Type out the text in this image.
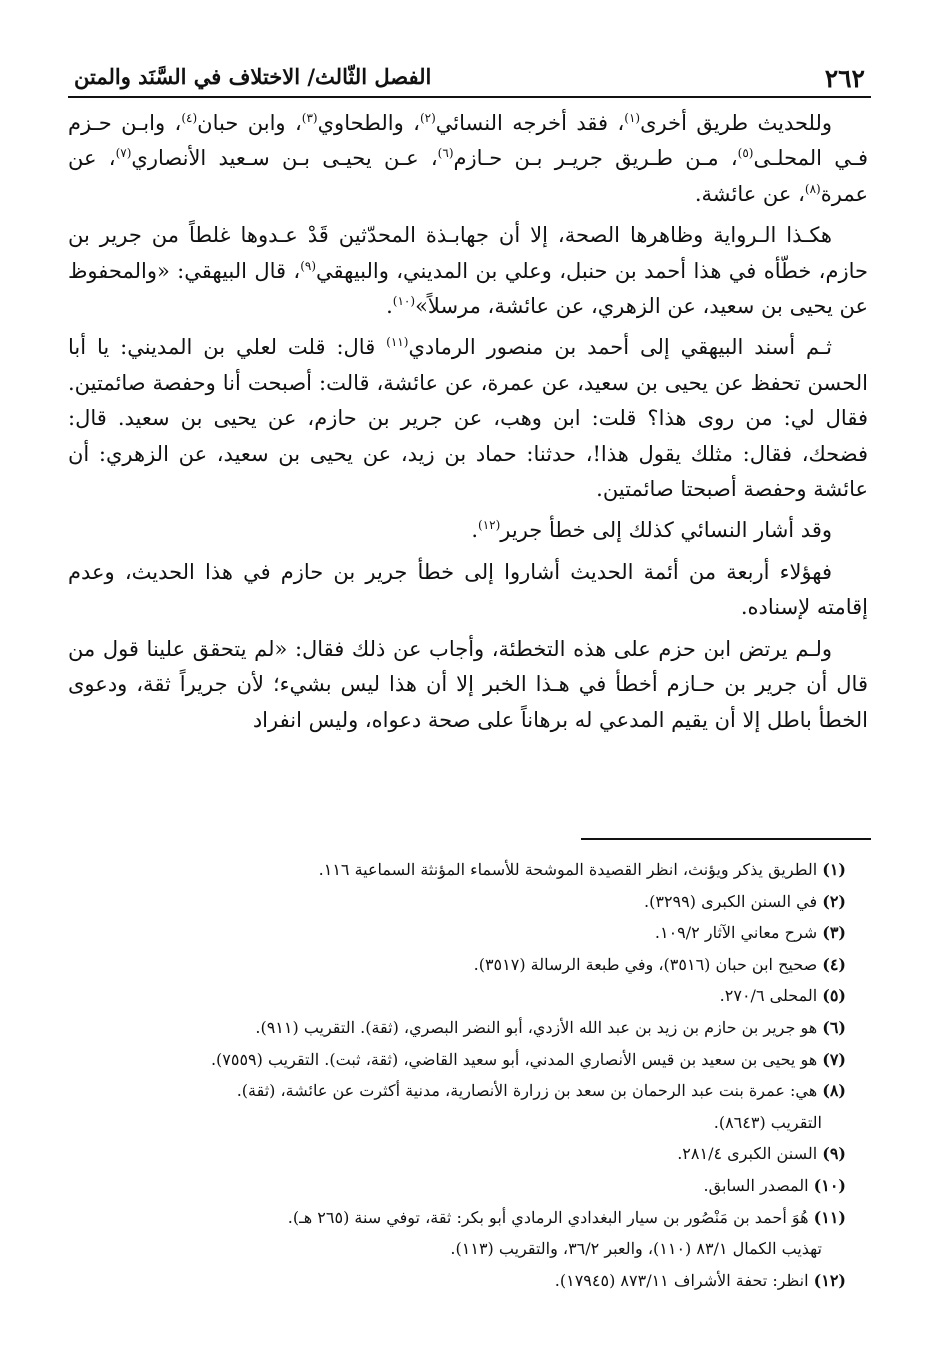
٢٦٢
الفصل الثّالث/ الاختلاف في السَّنَد والمتن

وللحديث طريق أخرى$^{(١)}$، فقد أخرجه النسائي$^{(٢)}$، والطحاوي$^{(٣)}$، وابن حبان$^{(٤)}$، وابـن حـزم فـي المحلـى$^{(٥)}$، مـن طـريق جريـر بـن حـازم$^{(٦)}$، عـن يحيـى بـن سـعيد الأنصاري$^{(٧)}$، عن عمرة$^{(٨)}$، عن عائشة.

هكـذا الـرواية وظاهرها الصحة، إلا أن جهابـذة المحدّثين قَدْ عـدوها غلطاً من جرير بن حازم، خطّأه في هذا أحمد بن حنبل، وعلي بن المديني، والبيهقي$^{(٩)}$، قال البيهقي: «والمحفوظ عن يحيى بن سعيد، عن الزهري، عن عائشة، مرسلاً»$^{(١٠)}$.

ثـم أسند البيهقي إلى أحمد بن منصور الرمادي$^{(١١)}$ قال: قلت لعلي بن المديني: يا أبا الحسن تحفظ عن يحيى بن سعيد، عن عمرة، عن عائشة، قالت: أصبحت أنا وحفصة صائمتين. فقال لي: من روى هذا؟ قلت: ابن وهب، عن جرير بن حازم، عن يحيى بن سعيد. قال: فضحك، فقال: مثلك يقول هذا!، حدثنا: حماد بن زيد، عن يحيى بن سعيد، عن الزهري: أن عائشة وحفصة أصبحتا صائمتين.

وقد أشار النسائي كذلك إلى خطأ جرير$^{(١٢)}$.

فهؤلاء أربعة من أئمة الحديث أشاروا إلى خطأ جرير بن حازم في هذا الحديث، وعدم إقامته لإسناده.

ولـم يرتض ابن حزم على هذه التخطئة، وأجاب عن ذلك فقال: «لم يتحقق علينا قول من قال أن جرير بن حـازم أخطأ في هـذا الخبر إلا أن هذا ليس بشيء؛ لأن جريراً ثقة، ودعوى الخطأ باطل إلا أن يقيم المدعي له برهاناً على صحة دعواه، وليس انفراد

(١) الطريق يذكر ويؤنث، انظر القصيدة الموشحة للأسماء المؤنثة السماعية ١١٦.

(٢) في السنن الكبرى (٣٢٩٩).

(٣) شرح معاني الآثار ١٠٩/٢.

(٤) صحيح ابن حبان (٣٥١٦)، وفي طبعة الرسالة (٣٥١٧).

(٥) المحلى ٢٧٠/٦.

(٦) هو جرير بن حازم بن زيد بن عبد الله الأزدي، أبو النضر البصري، (ثقة). التقريب (٩١١).

(٧) هو يحيى بن سعيد بن قيس الأنصاري المدني، أبو سعيد القاضي، (ثقة، ثبت). التقريب (٧٥٥٩).

(٨) هي: عمرة بنت عبد الرحمان بن سعد بن زرارة الأنصارية، مدنية أكثرت عن عائشة، (ثقة).
التقريب (٨٦٤٣).

(٩) السنن الكبرى ٢٨١/٤.

(١٠) المصدر السابق.

(١١) هُوَ أحمد بن مَنْصُور بن سيار البغدادي الرمادي أبو بكر: ثقة، توفي سنة (٢٦٥ هـ).
تهذيب الكمال ٨٣/١ (١١٠)، والعبر ٣٦/٢، والتقريب (١١٣).

(١٢) انظر: تحفة الأشراف ٨٧٣/١١ (١٧٩٤٥).
